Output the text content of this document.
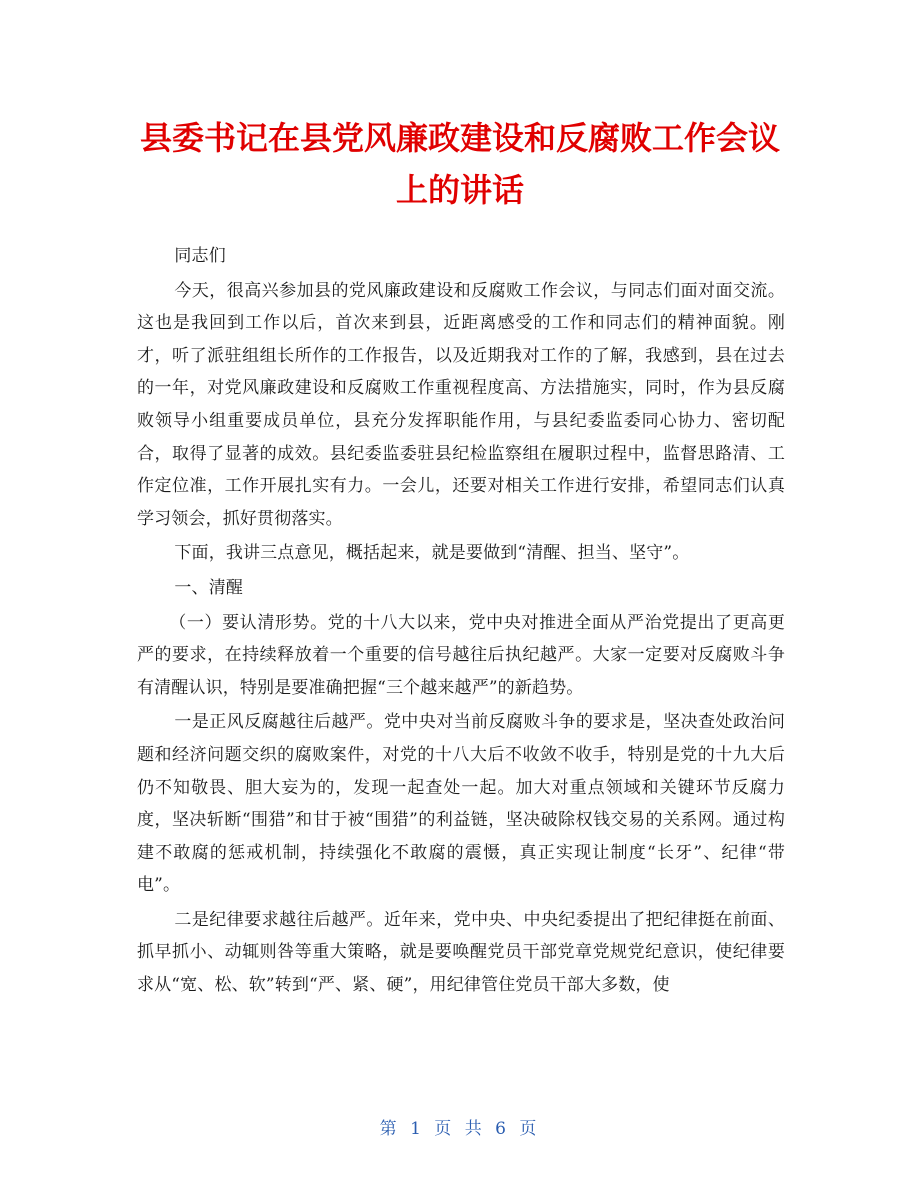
县委书记在县党风廉政建设和反腐败工作会议
上的讲话

同志们

今天，很高兴参加县的党风廉政建设和反腐败工作会议，与同志们面对面交流。这也是我回到工作以后，首次来到县，近距离感受的工作和同志们的精神面貌。刚才，听了派驻组组长所作的工作报告，以及近期我对工作的了解，我感到，县在过去的一年，对党风廉政建设和反腐败工作重视程度高、方法措施实，同时，作为县反腐败领导小组重要成员单位，县充分发挥职能作用，与县纪委监委同心协力、密切配合，取得了显著的成效。县纪委监委驻县纪检监察组在履职过程中，监督思路清、工作定位准，工作开展扎实有力。一会儿，还要对相关工作进行安排，希望同志们认真学习领会，抓好贯彻落实。

下面，我讲三点意见，概括起来，就是要做到“清醒、担当、坚守”。

一、清醒

（一）要认清形势。党的十八大以来，党中央对推进全面从严治党提出了更高更严的要求，在持续释放着一个重要的信号越往后执纪越严。大家一定要对反腐败斗争有清醒认识，特别是要准确把握“三个越来越严”的新趋势。

一是正风反腐越往后越严。党中央对当前反腐败斗争的要求是，坚决查处政治问题和经济问题交织的腐败案件，对党的十八大后不收敛不收手，特别是党的十九大后仍不知敬畏、胆大妄为的，发现一起查处一起。加大对重点领域和关键环节反腐力度，坚决斩断“围猎”和甘于被“围猎”的利益链，坚决破除权钱交易的关系网。通过构建不敢腐的惩戒机制，持续强化不敢腐的震慑，真正实现让制度“长牙”、纪律“带电”。

二是纪律要求越往后越严。近年来，党中央、中央纪委提出了把纪律挺在前面、抓早抓小、动辄则咎等重大策略，就是要唤醒党员干部党章党规党纪意识，使纪律要求从“宽、松、软”转到“严、紧、硬”，用纪律管住党员干部大多数，使

第 1 页 共 6 页
